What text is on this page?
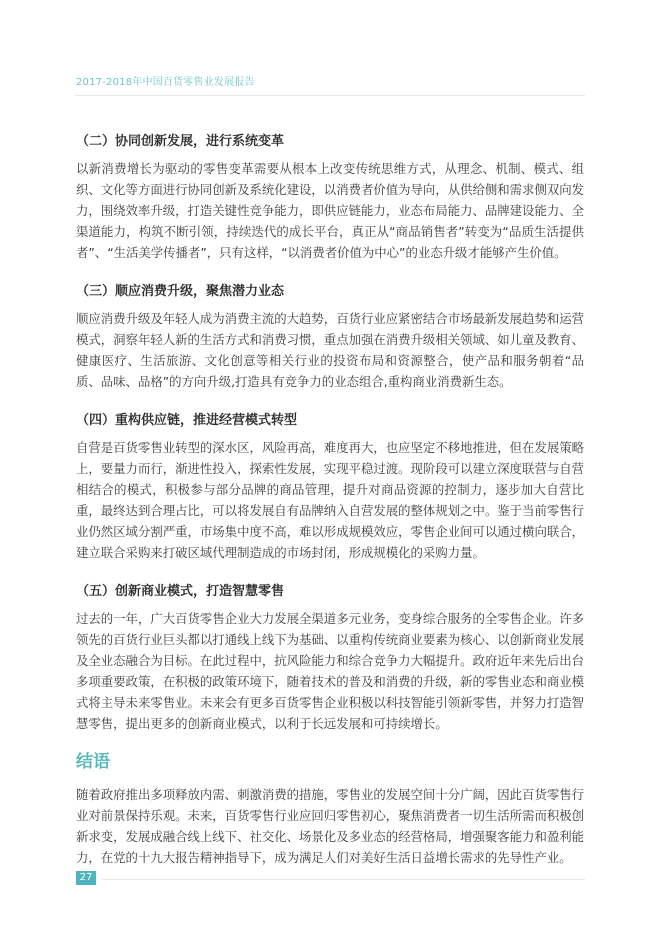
2017-2018年中国百货零售业发展报告
（二）协同创新发展，进行系统变革

以新消费增长为驱动的零售变革需要从根本上改变传统思维方式，从理念、机制、模式、组织、文化等方面进行协同创新及系统化建设，以消费者价值为导向，从供给侧和需求侧双向发力，围绕效率升级，打造关键性竞争能力，即供应链能力，业态布局能力、品牌建设能力、全渠道能力，构筑不断引领，持续迭代的成长平台，真正从“商品销售者”转变为“品质生活提供者”、“生活美学传播者”，只有这样，“以消费者价值为中心”的业态升级才能够产生价值。

（三）顺应消费升级，聚焦潜力业态

顺应消费升级及年轻人成为消费主流的大趋势，百货行业应紧密结合市场最新发展趋势和运营模式，洞察年轻人新的生活方式和消费习惯，重点加强在消费升级相关领域、如儿童及教育、健康医疗、生活旅游、文化创意等相关行业的投资布局和资源整合，使产品和服务朝着“品质、品味、品格”的方向升级,打造具有竞争力的业态组合,重构商业消费新生态。

（四）重构供应链，推进经营模式转型

自营是百货零售业转型的深水区，风险再高，难度再大，也应坚定不移地推进，但在发展策略上，要量力而行，渐进性投入，探索性发展，实现平稳过渡。现阶段可以建立深度联营与自营相结合的模式，积极参与部分品牌的商品管理，提升对商品资源的控制力，逐步加大自营比重，最终达到合理占比，可以将发展自有品牌纳入自营发展的整体规划之中。鉴于当前零售行业仍然区域分割严重，市场集中度不高，难以形成规模效应，零售企业间可以通过横向联合，建立联合采购来打破区域代理制造成的市场封闭，形成规模化的采购力量。

（五）创新商业模式，打造智慧零售

过去的一年，广大百货零售企业大力发展全渠道多元业务，变身综合服务的全零售企业。许多领先的百货行业巨头都以打通线上线下为基础、以重构传统商业要素为核心、以创新商业发展及全业态融合为目标。在此过程中，抗风险能力和综合竞争力大幅提升。政府近年来先后出台多项重要政策，在积极的政策环境下，随着技术的普及和消费的升级，新的零售业态和商业模式将主导未来零售业。未来会有更多百货零售企业积极以科技智能引领新零售，并努力打造智慧零售，提出更多的创新商业模式，以利于长远发展和可持续增长。

结语

随着政府推出多项释放内需、刺激消费的措施，零售业的发展空间十分广阔，因此百货零售行业对前景保持乐观。未来，百货零售行业应回归零售初心，聚焦消费者一切生活所需而积极创新求变，发展成融合线上线下、社交化、场景化及多业态的经营格局，增强聚客能力和盈利能力，在党的十九大报告精神指导下，成为满足人们对美好生活日益增长需求的先导性产业。

27
